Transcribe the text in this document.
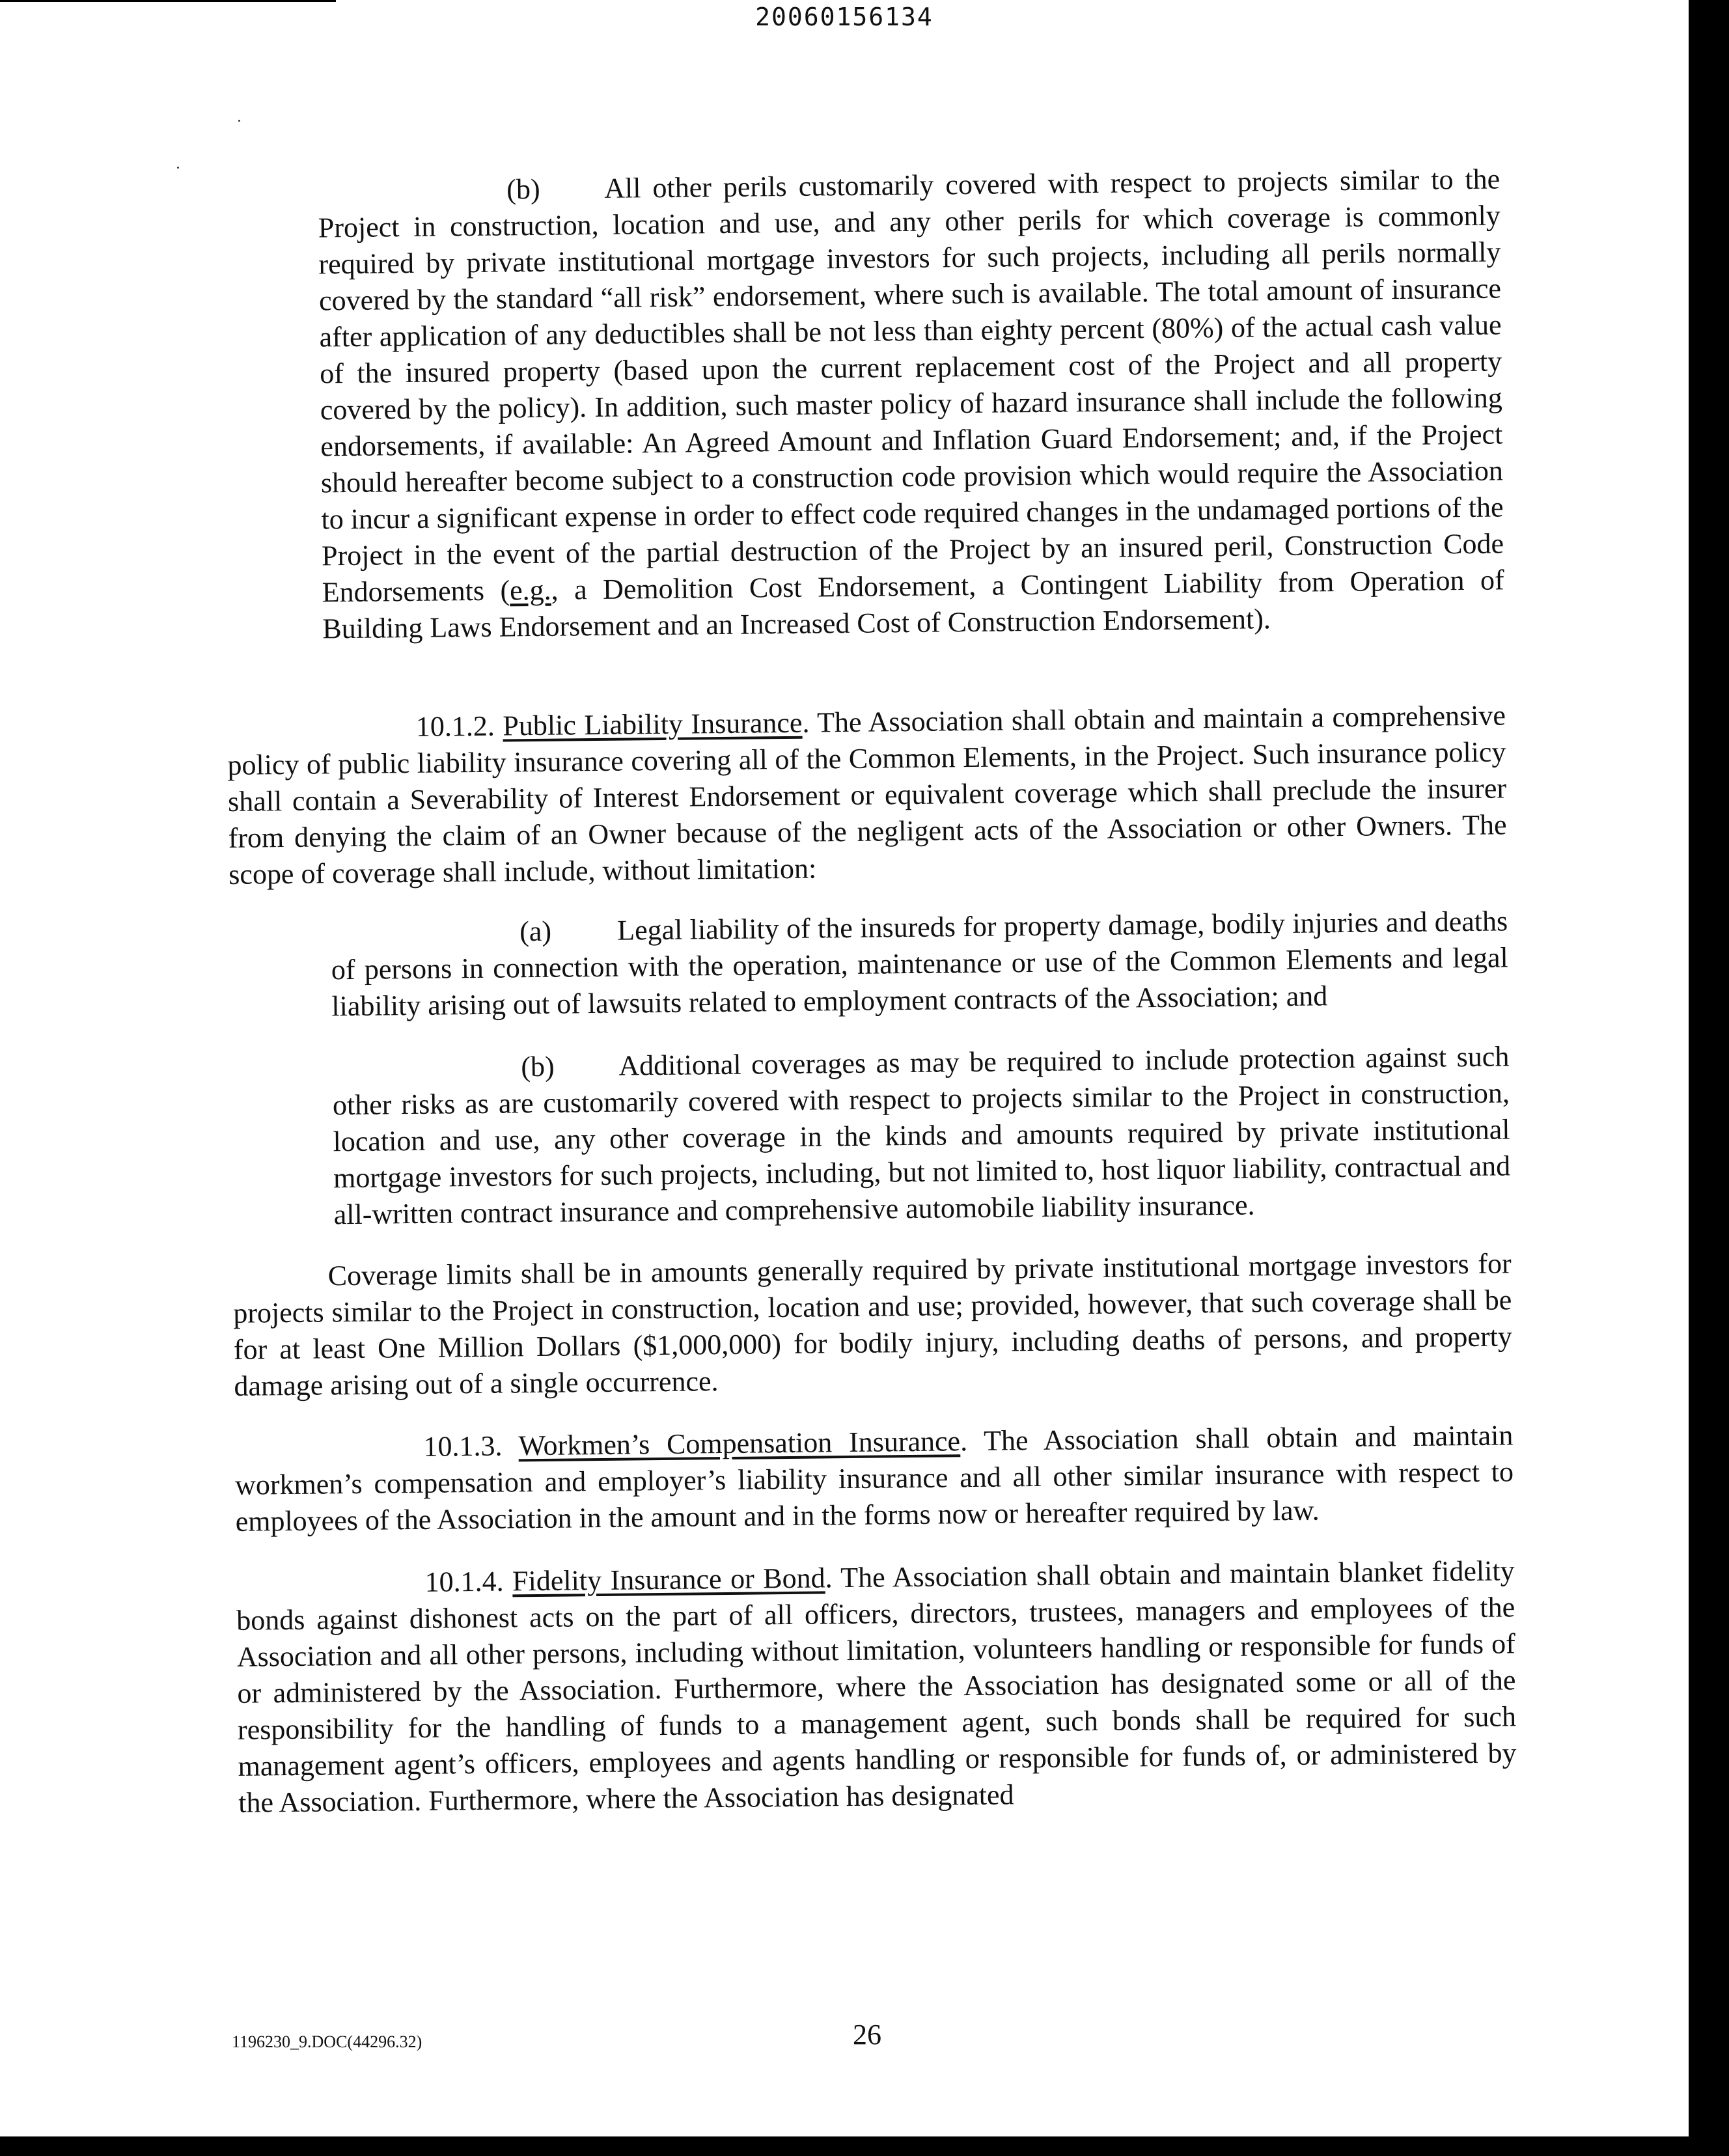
20060156134

(b) All other perils customarily covered with respect to projects similar to the Project in construction, location and use, and any other perils for which coverage is commonly required by private institutional mortgage investors for such projects, including all perils normally covered by the standard “all risk” endorsement, where such is available. The total amount of insurance after application of any deductibles shall be not less than eighty percent (80%) of the actual cash value of the insured property (based upon the current replacement cost of the Project and all property covered by the policy). In addition, such master policy of hazard insurance shall include the following endorsements, if available: An Agreed Amount and Inflation Guard Endorsement; and, if the Project should hereafter become subject to a construction code provision which would require the Association to incur a significant expense in order to effect code required changes in the undamaged portions of the Project in the event of the partial destruction of the Project by an insured peril, Construction Code Endorsements (e.g., a Demolition Cost Endorsement, a Contingent Liability from Operation of Building Laws Endorsement and an Increased Cost of Construction Endorsement).

10.1.2. Public Liability Insurance. The Association shall obtain and maintain a comprehensive policy of public liability insurance covering all of the Common Elements, in the Project. Such insurance policy shall contain a Severability of Interest Endorsement or equivalent coverage which shall preclude the insurer from denying the claim of an Owner because of the negligent acts of the Association or other Owners. The scope of coverage shall include, without limitation:

(a) Legal liability of the insureds for property damage, bodily injuries and deaths of persons in connection with the operation, maintenance or use of the Common Elements and legal liability arising out of lawsuits related to employment contracts of the Association; and

(b) Additional coverages as may be required to include protection against such other risks as are customarily covered with respect to projects similar to the Project in construction, location and use, any other coverage in the kinds and amounts required by private institutional mortgage investors for such projects, including, but not limited to, host liquor liability, contractual and all-written contract insurance and comprehensive automobile liability insurance.

Coverage limits shall be in amounts generally required by private institutional mortgage investors for projects similar to the Project in construction, location and use; provided, however, that such coverage shall be for at least One Million Dollars ($1,000,000) for bodily injury, including deaths of persons, and property damage arising out of a single occurrence.

10.1.3. Workmen’s Compensation Insurance. The Association shall obtain and maintain workmen’s compensation and employer’s liability insurance and all other similar insurance with respect to employees of the Association in the amount and in the forms now or hereafter required by law.

10.1.4. Fidelity Insurance or Bond. The Association shall obtain and maintain blanket fidelity bonds against dishonest acts on the part of all officers, directors, trustees, managers and employees of the Association and all other persons, including without limitation, volunteers handling or responsible for funds of or administered by the Association. Furthermore, where the Association has designated some or all of the responsibility for the handling of funds to a management agent, such bonds shall be required for such management agent’s officers, employees and agents handling or responsible for funds of, or administered by the Association. Furthermore, where the Association has designated

1196230_9.DOC(44296.32)	26
